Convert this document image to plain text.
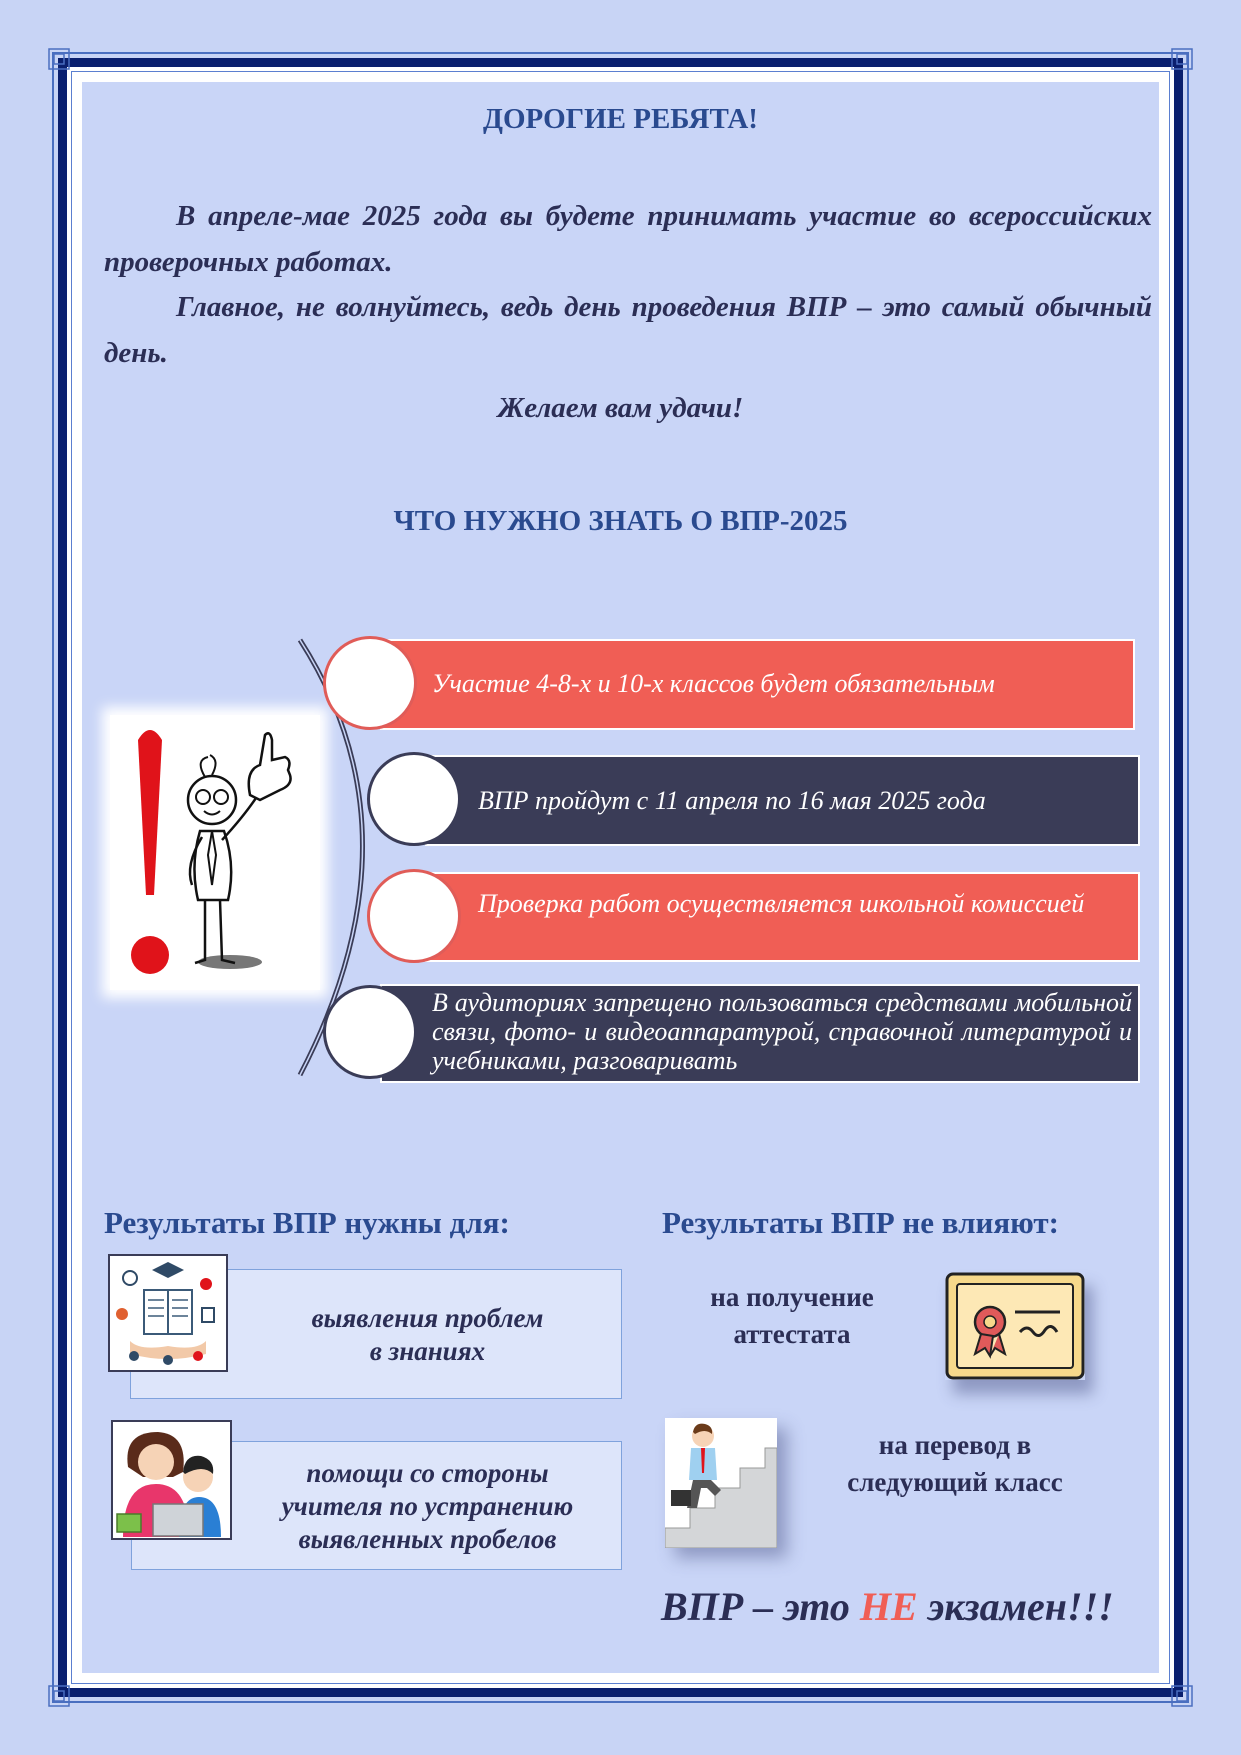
ДОРОГИЕ РЕБЯТА!
В апреле-мае 2025 года вы будете принимать участие во всероссийских проверочных работах.
Главное, не волнуйтесь, ведь день проведения ВПР – это самый обычный день.
Желаем вам удачи!
ЧТО НУЖНО ЗНАТЬ О ВПР-2025
Участие 4-8-х и 10-х классов будет обязательным
ВПР пройдут с 11 апреля по 16 мая 2025 года
Проверка работ осуществляется школьной комиссией
В аудиториях запрещено пользоваться средствами мобильной связи, фото- и видеоаппаратурой, справочной литературой и учебниками, разговаривать
Результаты ВПР нужны для:
выявления проблем
в знаниях
помощи со стороны
учителя по устранению
выявленных пробелов
Результаты ВПР не влияют:
на получение
аттестата
на перевод в
следующий класс
ВПР – это НЕ экзамен!!!
